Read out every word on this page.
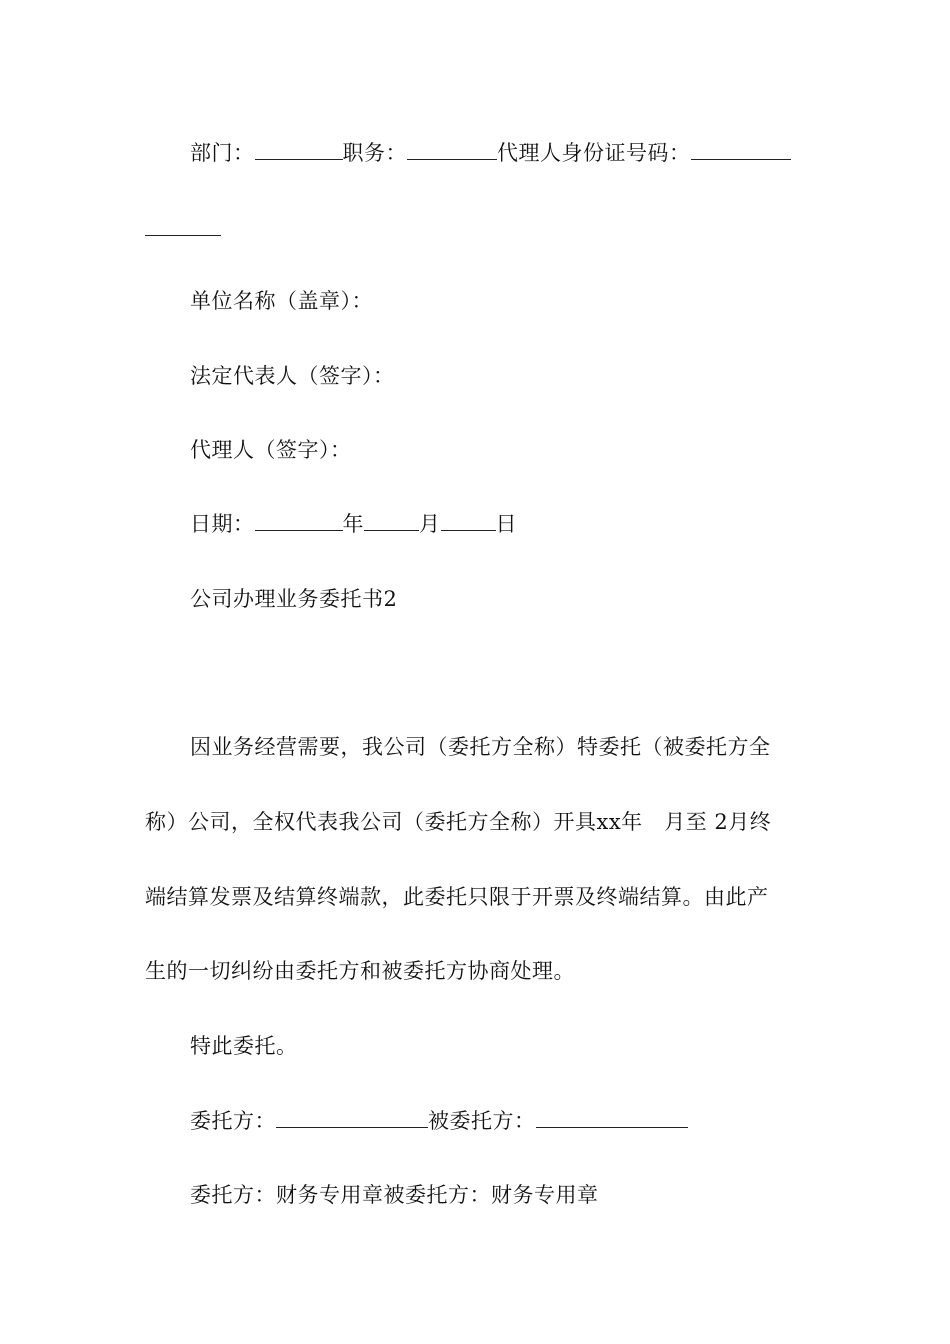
部门：	职务：	代理人身份证号码：
单位名称（盖章）：
法定代表人（签字）：
代理人（签字）：
日期：	年	月	日
公司办理业务委托书2
因业务经营需要，我公司（委托方全称）特委托（被委托方全
称）公司，全权代表我公司（委托方全称）开具xx年   月至 2月终
端结算发票及结算终端款，此委托只限于开票及终端结算。由此产
生的一切纠纷由委托方和被委托方协商处理。
特此委托。
委托方：	被委托方：
委托方：财务专用章被委托方：财务专用章
